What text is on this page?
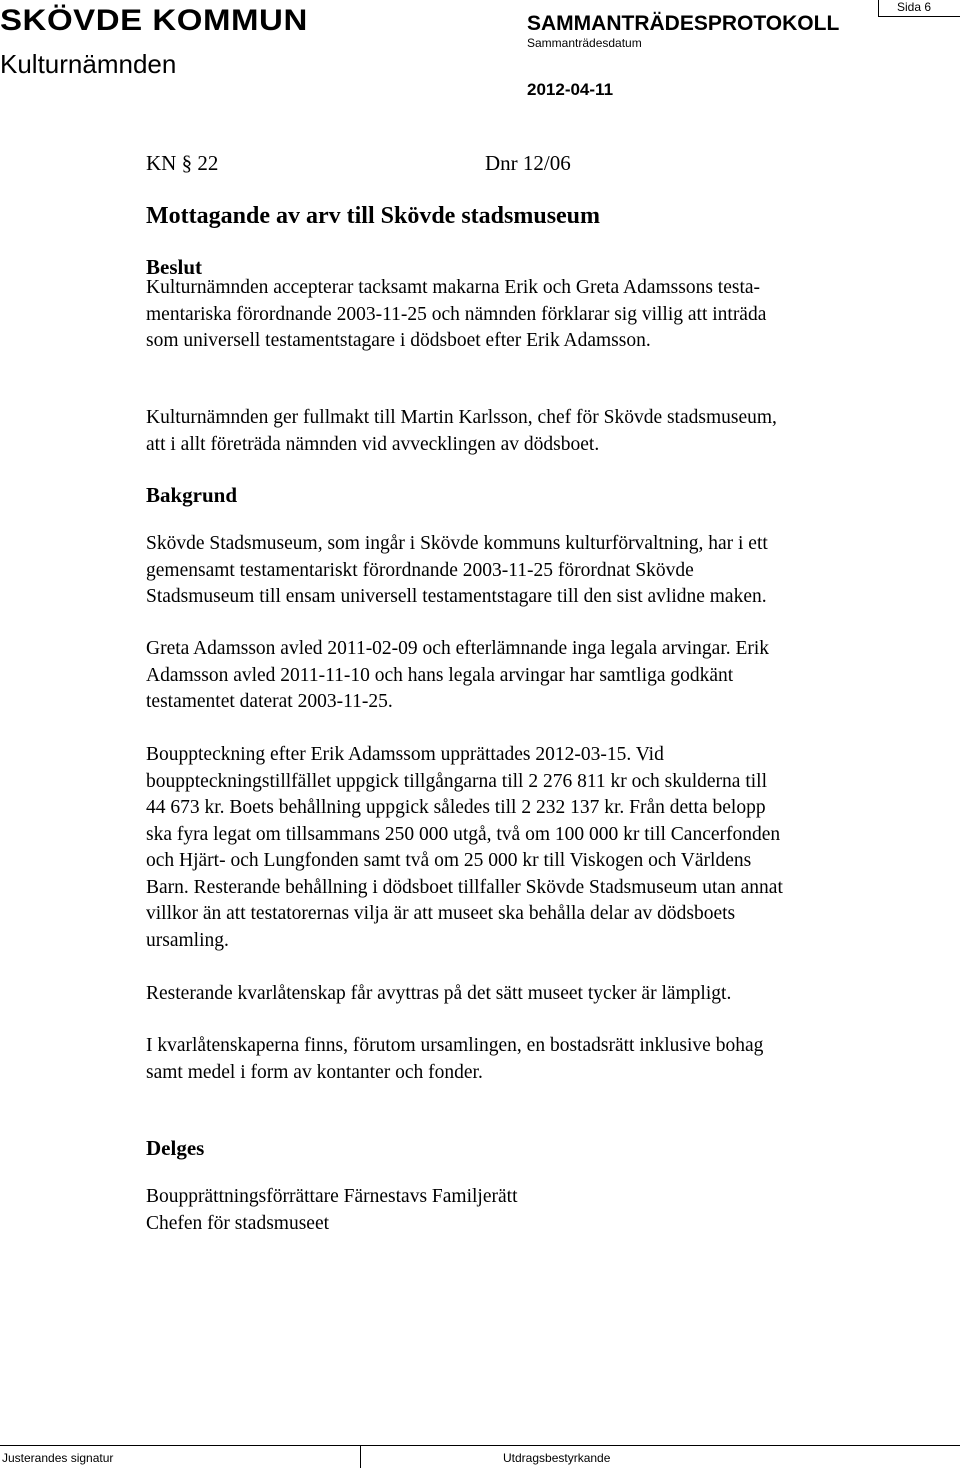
SKÖVDE KOMMUN
Kulturnämnden
SAMMANTRÄDESPROTOKOLL
Sammanträdesdatum
2012-04-11
Sida 6
KN § 22	Dnr 12/06
Mottagande av arv till Skövde stadsmuseum
Beslut
Kulturnämnden accepterar tacksamt makarna Erik och Greta Adamssons testa-
mentariska förordnande 2003-11-25 och nämnden förklarar sig villig att inträda
som universell testamentstagare i dödsboet efter Erik Adamsson.
Kulturnämnden ger fullmakt till Martin Karlsson, chef för Skövde stadsmuseum,
att i allt företräda nämnden vid avvecklingen av dödsboet.
Bakgrund
Skövde Stadsmuseum, som ingår i Skövde kommuns kulturförvaltning, har i ett
gemensamt testamentariskt förordnande 2003-11-25 förordnat Skövde
Stadsmuseum till ensam universell testamentstagare till den sist avlidne maken.
Greta Adamsson avled 2011-02-09 och efterlämnande inga legala arvingar. Erik
Adamsson avled 2011-11-10 och hans legala arvingar har samtliga godkänt
testamentet daterat 2003-11-25.
Bouppteckning efter Erik Adamssom upprättades 2012-03-15. Vid
bouppteckningstillfället uppgick tillgångarna till 2 276 811 kr och skulderna till
44 673 kr. Boets behållning uppgick således till 2 232 137 kr. Från detta belopp
ska fyra legat om tillsammans 250 000 utgå, två om 100 000 kr till Cancerfonden
och Hjärt- och Lungfonden samt två om 25 000 kr till Viskogen och Världens
Barn. Resterande behållning i dödsboet tillfaller Skövde Stadsmuseum utan annat
villkor än att testatorernas vilja är att museet ska behålla delar av dödsboets
ursamling.
Resterande kvarlåtenskap får avyttras på det sätt museet tycker är lämpligt.
I kvarlåtenskaperna finns, förutom ursamlingen, en bostadsrätt inklusive bohag
samt medel i form av kontanter och fonder.
Delges
Boupprättningsförrättare Färnestavs Familjerätt
Chefen för stadsmuseet
Justerandes signatur	Utdragsbestyrkande
